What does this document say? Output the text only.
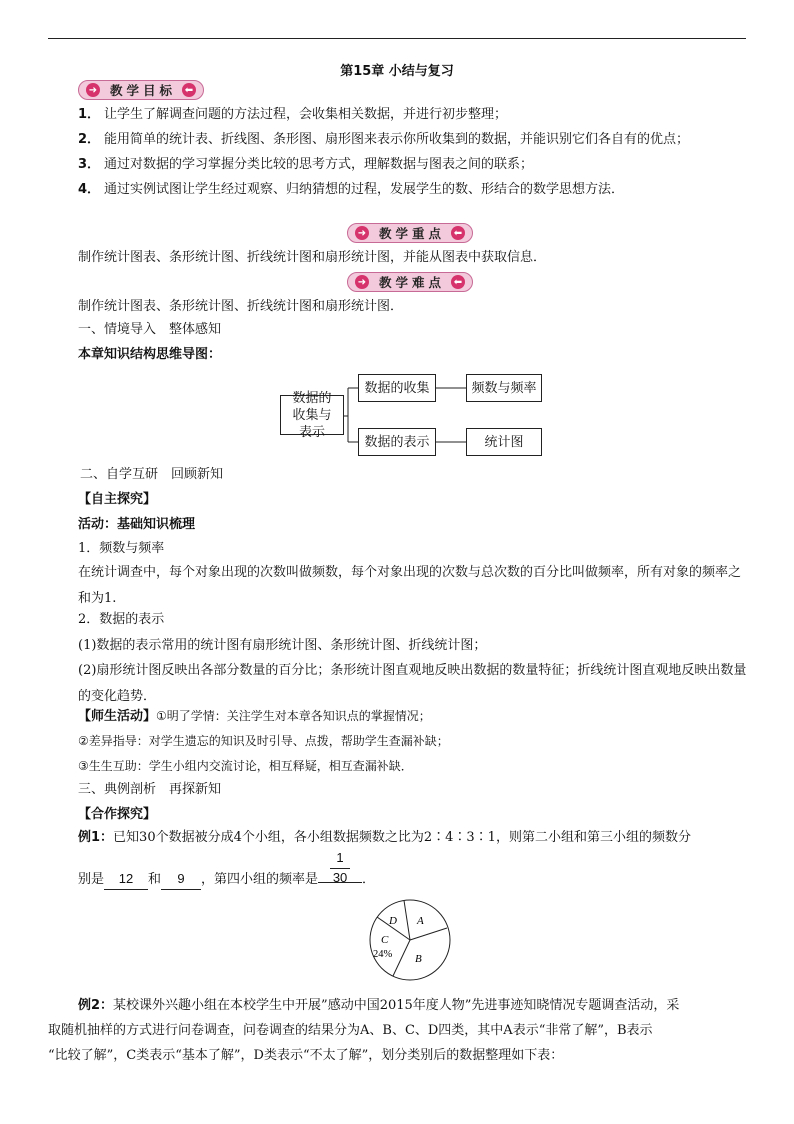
第15章 小结与复习
➜	教学目标 ⬅
1． 让学生了解调查问题的方法过程，会收集相关数据，并进行初步整理；
2． 能用简单的统计表、折线图、条形图、扇形图来表示你所收集到的数据，并能识别它们各自有的优点；
3． 通过对数据的学习掌握分类比较的思考方式，理解数据与图表之间的联系；
4． 通过实例试图让学生经过观察、归纳猜想的过程，发展学生的数、形结合的数学思想方法．
➜	教学重点 ⬅
制作统计图表、条形统计图、折线统计图和扇形统计图，并能从图表中获取信息．
➜	教学难点 ⬅
制作统计图表、条形统计图、折线统计图和扇形统计图．
一、情境导入　整体感知
本章知识结构思维导图：
数据的收集与表示
数据的收集
数据的表示
频数与频率
统计图
二、自学互研　回顾新知
【自主探究】
活动：基础知识梳理
1．频数与频率
在统计调查中，每个对象出现的次数叫做频数，每个对象出现的次数与总次数的百分比叫做频率，所有对象的频率之和为1.
2．数据的表示
(1)数据的表示常用的统计图有扇形统计图、条形统计图、折线统计图；
(2)扇形统计图反映出各部分数量的百分比；条形统计图直观地反映出数据的数量特征；折线统计图直观地反映出数量的变化趋势．
【师生活动】①明了学情：关注学生对本章各知识点的掌握情况；
②差异指导：对学生遗忘的知识及时引导、点拨，帮助学生查漏补缺；
③生生互助：学生小组内交流讨论，相互释疑，相互查漏补缺．
三、典例剖析　再探新知
【合作探究】
例1：已知30个数据被分成4个小组，各小组数据频数之比为2∶4∶3∶1，则第二小组和第三小组的频数分
别是 12 和 9 ，第四小组的频率是 $\frac{1}{30}$ ．
A
B
C
24%
D
例2：某校课外兴趣小组在本校学生中开展”感动中国2015年度人物”先进事迹知晓情况专题调查活动，采
取随机抽样的方式进行问卷调查，问卷调查的结果分为A、B、C、D四类，其中A表示“非常了解”，B表示
“比较了解”，C类表示“基本了解”，D类表示“不太了解”，划分类别后的数据整理如下表：
